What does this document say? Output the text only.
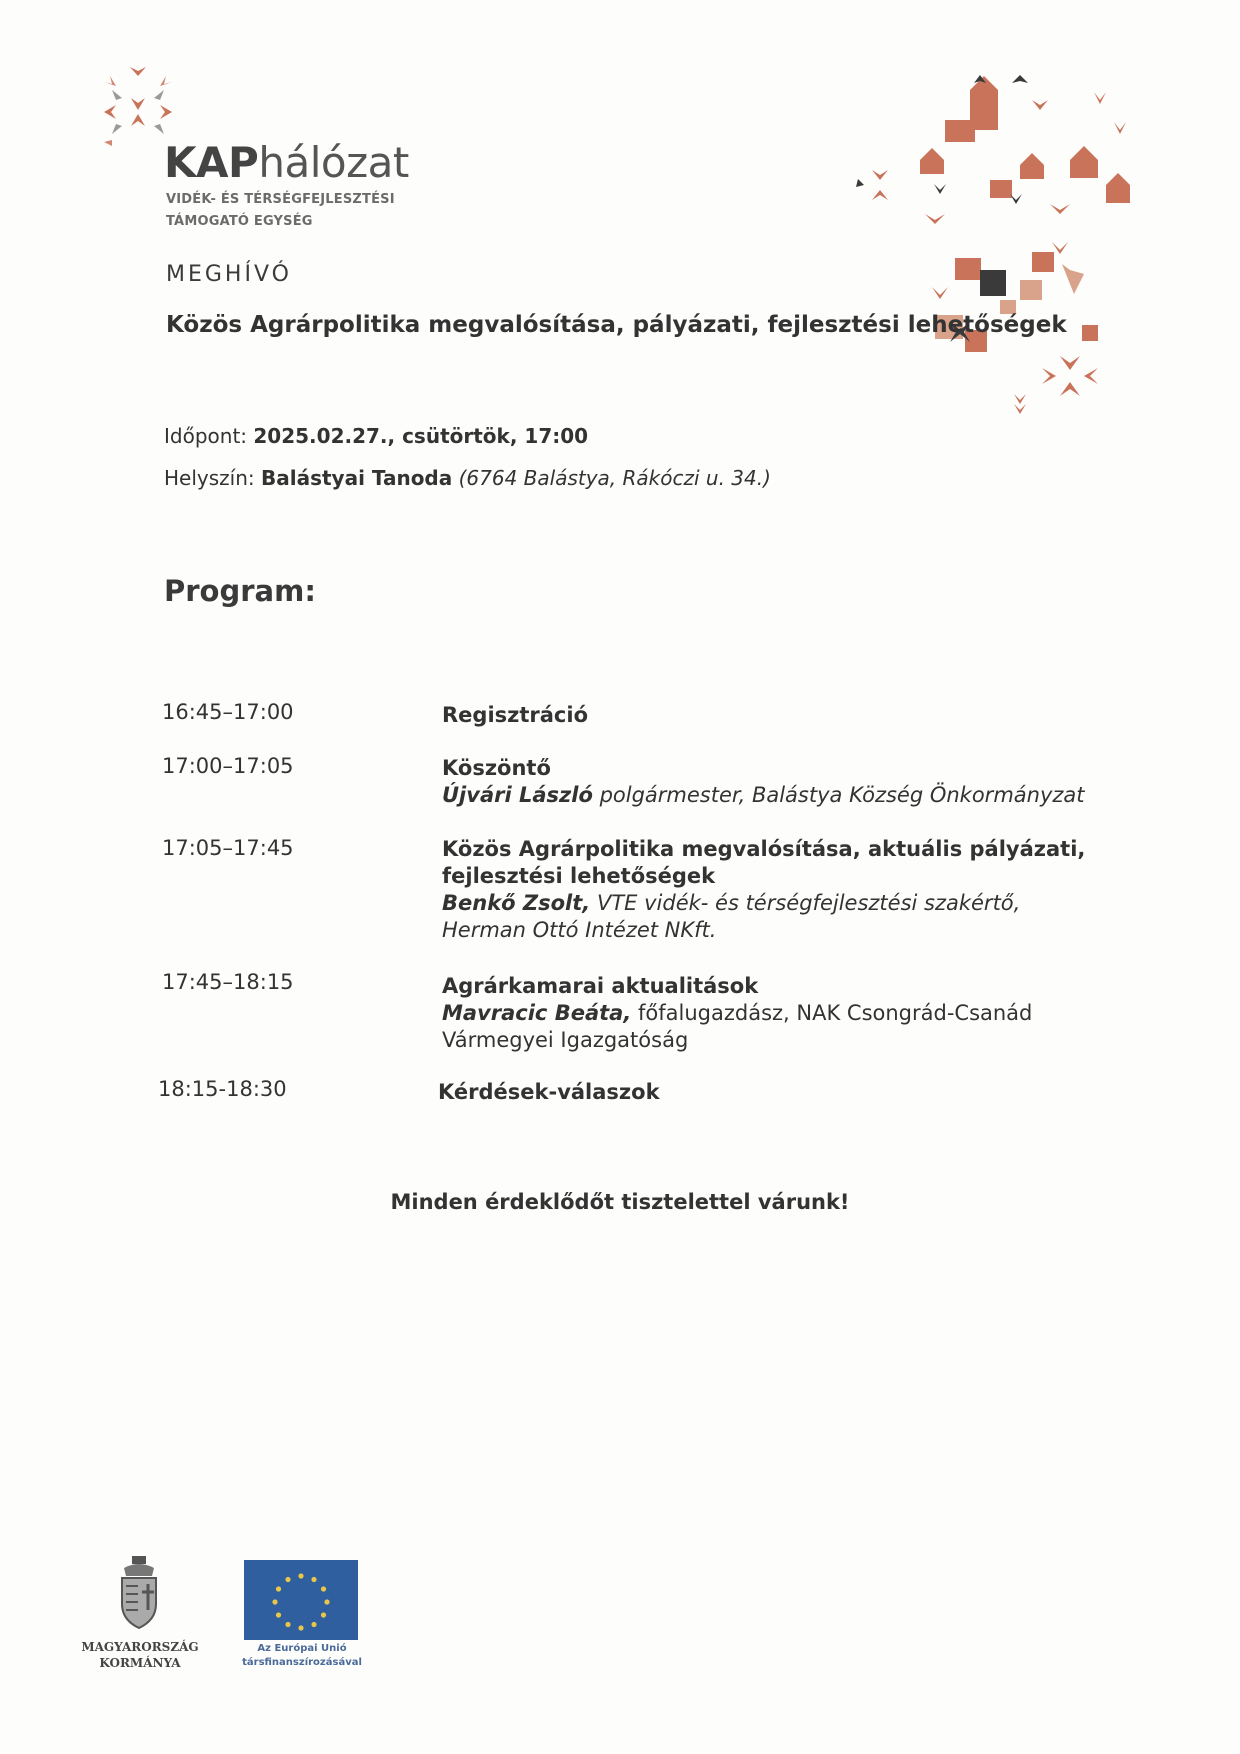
KAPhálózat
VIDÉK- ÉS TÉRSÉGFEJLESZTÉSI
TÁMOGATÓ EGYSÉG
MEGHÍVÓ
Közös Agrárpolitika megvalósítása, pályázati, fejlesztési lehetőségek
Időpont: 2025.02.27., csütörtök, 17:00
Helyszín: Balástyai Tanoda (6764 Balástya, Rákóczi u. 34.)
Program:
16:45–17:00	Regisztráció
17:00–17:05	Köszöntő
Újvári László polgármester, Balástya Község Önkormányzat
17:05–17:45	Közös Agrárpolitika megvalósítása, aktuális pályázati,
fejlesztési lehetőségek
Benkő Zsolt, VTE vidék- és térségfejlesztési szakértő,
Herman Ottó Intézet NKft.
17:45–18:15	Agrárkamarai aktualitások
Mavracic Beáta, főfalugazdász, NAK Csongrád-Csanád
Vármegyei Igazgatóság
18:15-18:30	Kérdések-válaszok
Minden érdeklődőt tisztelettel várunk!
MAGYARORSZÁG
KORMÁNYA
Az Európai Unió
társfinanszírozásával
